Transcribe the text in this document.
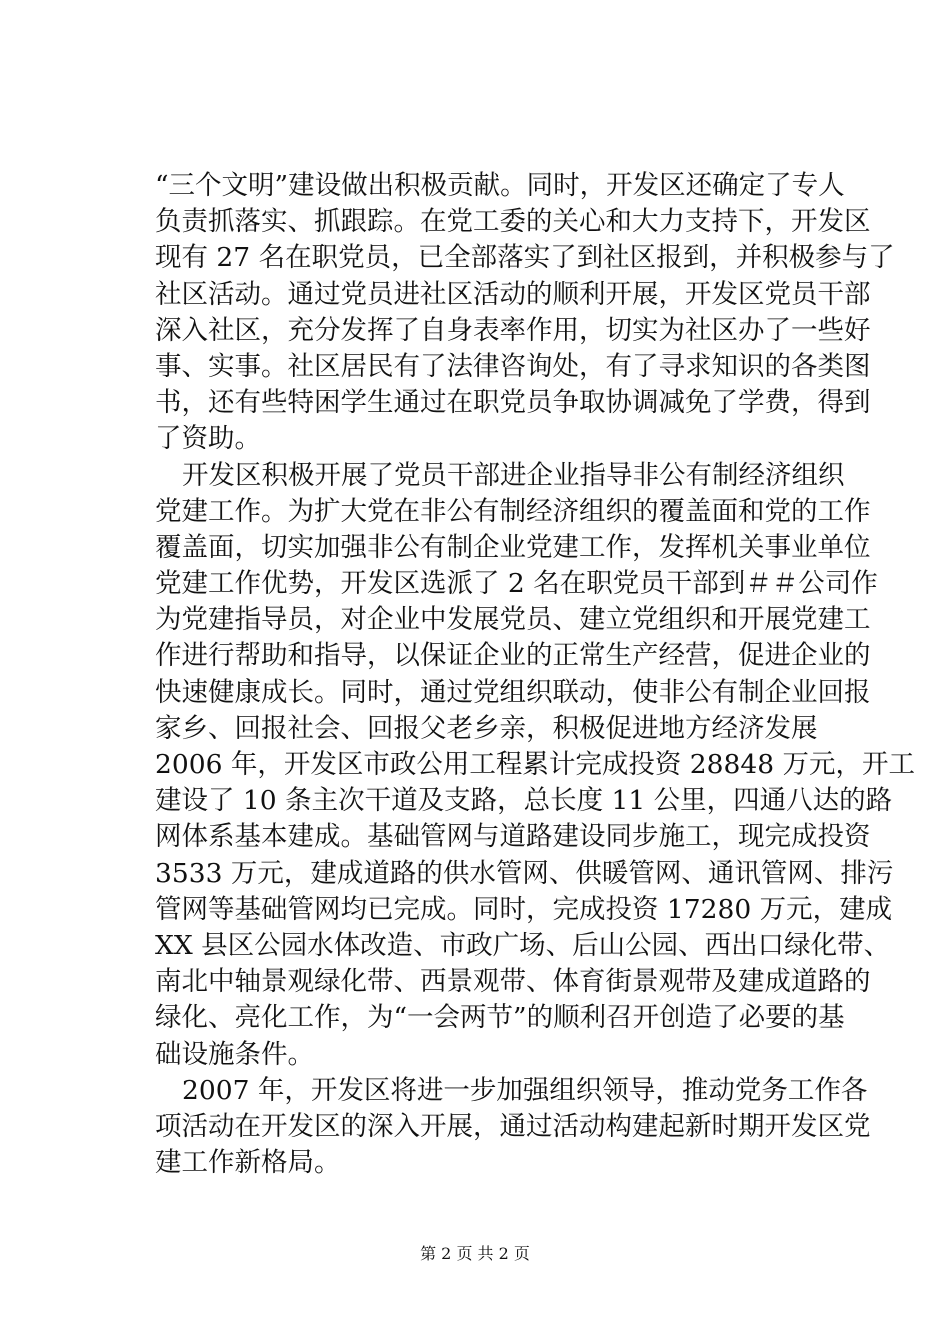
“三个文明”建设做出积极贡献。同时，开发区还确定了专人
负责抓落实、抓跟踪。在党工委的关心和大力支持下，开发区
现有 27 名在职党员，已全部落实了到社区报到，并积极参与了
社区活动。通过党员进社区活动的顺利开展，开发区党员干部
深入社区，充分发挥了自身表率作用，切实为社区办了一些好
事、实事。社区居民有了法律咨询处，有了寻求知识的各类图
书，还有些特困学生通过在职党员争取协调减免了学费，得到
了资助。
开发区积极开展了党员干部进企业指导非公有制经济组织
党建工作。为扩大党在非公有制经济组织的覆盖面和党的工作
覆盖面，切实加强非公有制企业党建工作，发挥机关事业单位
党建工作优势，开发区选派了 2 名在职党员干部到＃＃公司作
为党建指导员，对企业中发展党员、建立党组织和开展党建工
作进行帮助和指导，以保证企业的正常生产经营，促进企业的
快速健康成长。同时，通过党组织联动，使非公有制企业回报
家乡、回报社会、回报父老乡亲，积极促进地方经济发展
2006 年，开发区市政公用工程累计完成投资 28848 万元，开工
建设了 10 条主次干道及支路，总长度 11 公里，四通八达的路
网体系基本建成。基础管网与道路建设同步施工，现完成投资
3533 万元，建成道路的供水管网、供暖管网、通讯管网、排污
管网等基础管网均已完成。同时，完成投资 17280 万元，建成
XX 县区公园水体改造、市政广场、后山公园、西出口绿化带、
南北中轴景观绿化带、西景观带、体育街景观带及建成道路的
绿化、亮化工作，为“一会两节”的顺利召开创造了必要的基
础设施条件。
2007 年，开发区将进一步加强组织领导，推动党务工作各
项活动在开发区的深入开展，通过活动构建起新时期开发区党
建工作新格局。
第 2 页 共 2 页
